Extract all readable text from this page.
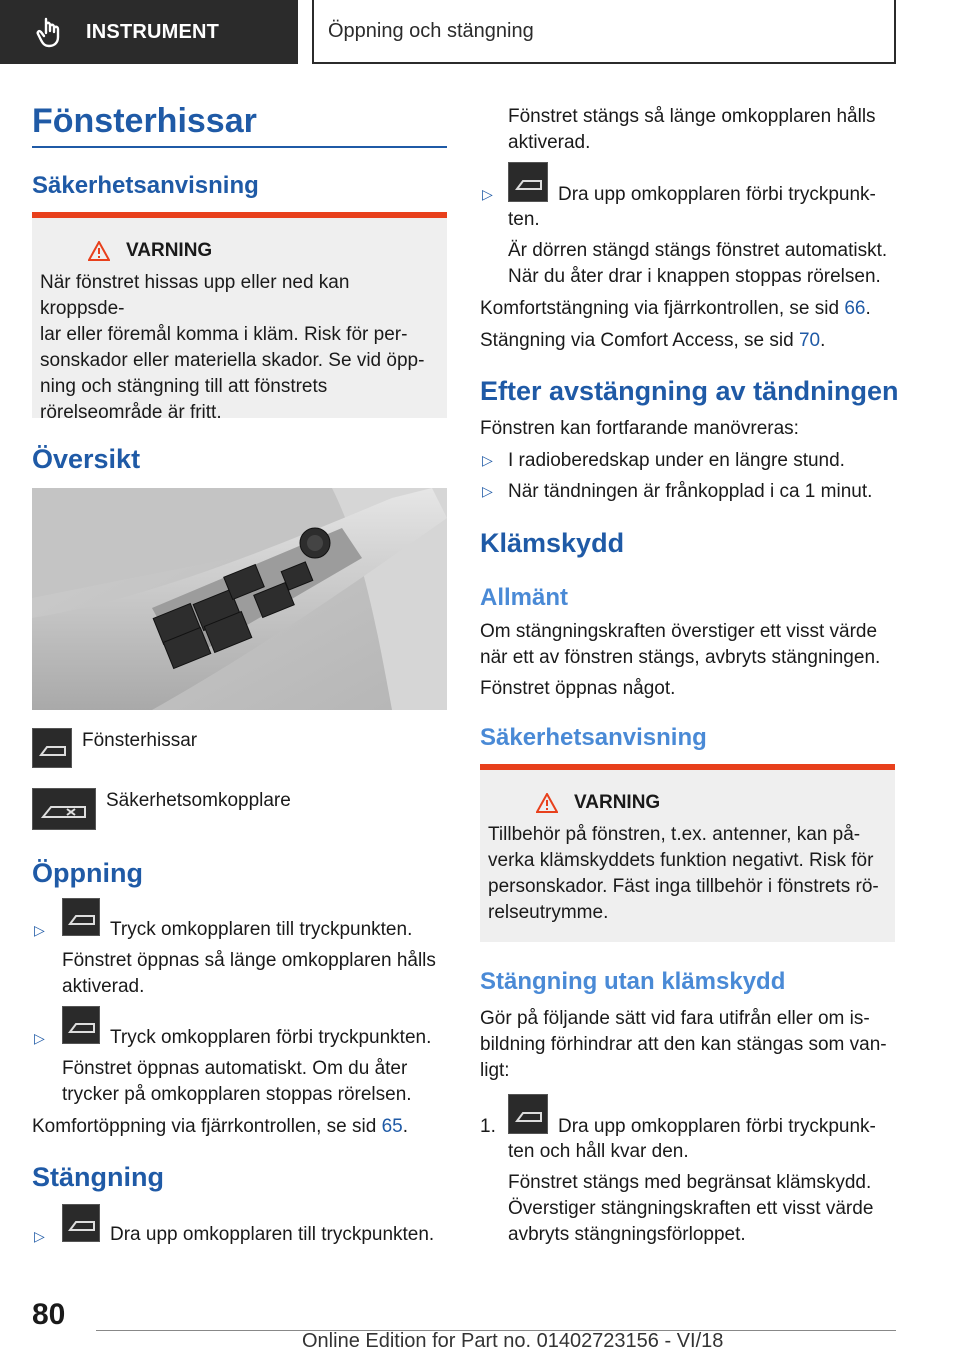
INSTRUMENT	Öppning och stängning
Fönsterhissar
Säkerhetsanvisning
VARNING
När fönstret hissas upp eller ned kan kroppsde-
lar eller föremål komma i kläm. Risk för per-
sonskador eller materiella skador. Se vid öpp-
ning och stängning till att fönstrets
rörelseområde är fritt.
Översikt
Fönsterhissar
Säkerhetsomkopplare
Öppning
▷	Tryck omkopplaren till tryckpunkten.
Fönstret öppnas så länge omkopplaren hålls
aktiverad.
▷	Tryck omkopplaren förbi tryckpunkten.
Fönstret öppnas automatiskt. Om du åter
trycker på omkopplaren stoppas rörelsen.
Komfortöppning via fjärrkontrollen, se sid 65.
Stängning
▷	Dra upp omkopplaren till tryckpunkten.
Fönstret stängs så länge omkopplaren hålls
aktiverad.
▷	Dra upp omkopplaren förbi tryckpunk-
ten.
Är dörren stängd stängs fönstret automatiskt.
När du åter drar i knappen stoppas rörelsen.
Komfortstängning via fjärrkontrollen, se sid 66.
Stängning via Comfort Access, se sid 70.
Efter avstängning av tändningen
Fönstren kan fortfarande manövreras:
▷ I radioberedskap under en längre stund.
▷ När tändningen är frånkopplad i ca 1 minut.
Klämskydd
Allmänt
Om stängningskraften överstiger ett visst värde
när ett av fönstren stängs, avbryts stängningen.
Fönstret öppnas något.
Säkerhetsanvisning
VARNING
Tillbehör på fönstren, t.ex. antenner, kan på-
verka klämskyddets funktion negativt. Risk för
personskador. Fäst inga tillbehör i fönstrets rö-
relseutrymme.
Stängning utan klämskydd
Gör på följande sätt vid fara utifrån eller om is-
bildning förhindrar att den kan stängas som van-
ligt:
1.	Dra upp omkopplaren förbi tryckpunk-
ten och håll kvar den.
Fönstret stängs med begränsat klämskydd.
Överstiger stängningskraften ett visst värde
avbryts stängningsförloppet.
80
Online Edition for Part no. 01402723156 - VI/18
